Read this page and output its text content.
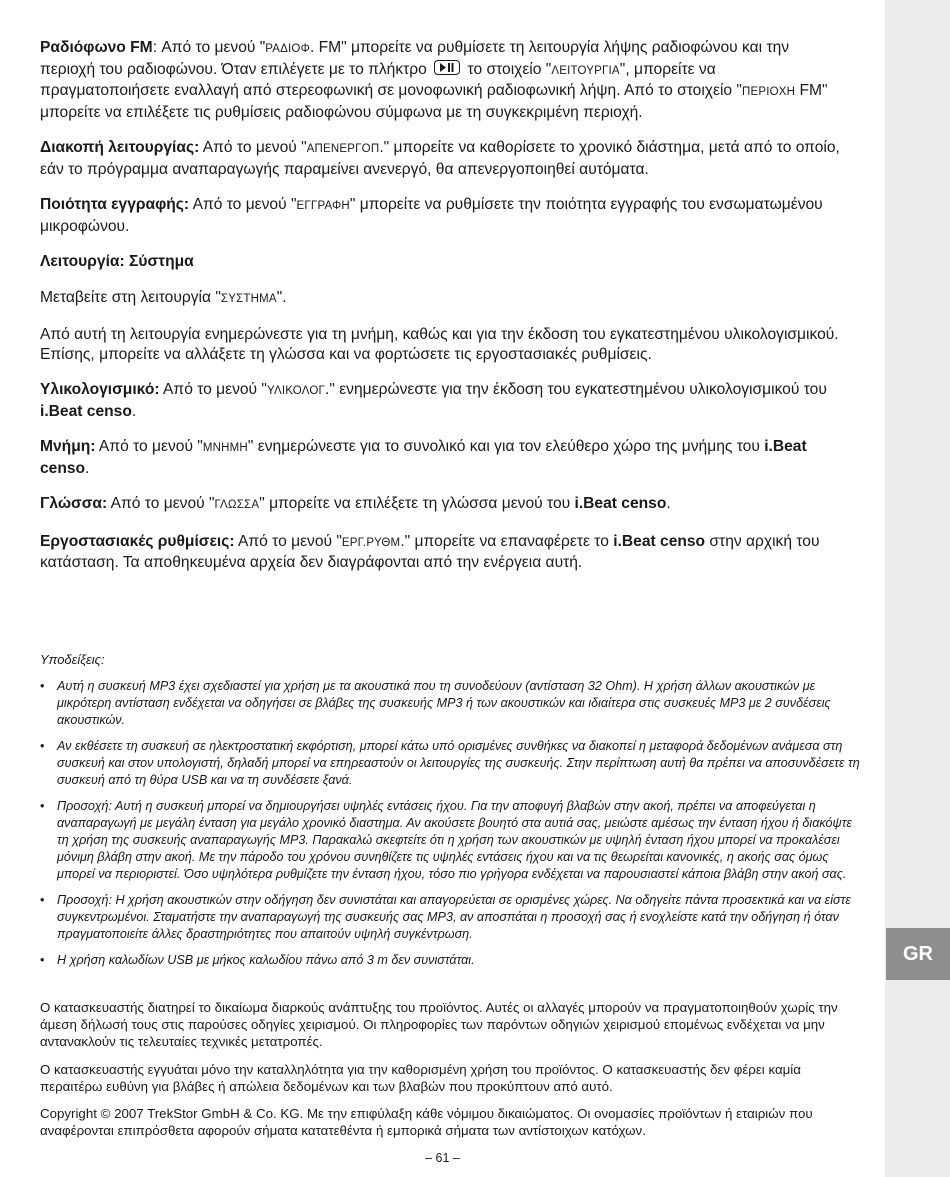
GR

Ραδιόφωνο FM: Από το μενού "ΡΑΔΙΟΦ. FM" μπορείτε να ρυθμίσετε τη λειτουργία λήψης ραδιοφώνου και την περιοχή του ραδιοφώνου. Όταν επιλέγετε με το πλήκτρο	το στοιχείο "ΛΕΙΤΟΥΡΓΙΑ", μπορείτε να πραγματοποιήσετε εναλλαγή από στερεοφωνική σε μονοφωνική ραδιοφωνική λήψη. Από το στοιχείο "ΠΕΡΙΟΧΗ FM" μπορείτε να επιλέξετε τις ρυθμίσεις ραδιοφώνου σύμφωνα με τη συγκεκριμένη περιοχή.

Διακοπή λειτουργίας: Από το μενού "ΑΠΕΝΕΡΓΟΠ." μπορείτε να καθορίσετε το χρονικό διάστημα, μετά από το οποίο, εάν το πρόγραμμα αναπαραγωγής παραμείνει ανενεργό, θα απενεργοποιηθεί αυτόματα.

Ποιότητα εγγραφής: Από το μενού "ΕΓΓΡΑΦΗ" μπορείτε να ρυθμίσετε την ποιότητα εγγραφής του ενσωματωμένου μικροφώνου.

Λειτουργία: Σύστημα

Μεταβείτε στη λειτουργία "ΣΥΣΤΗΜΑ".

Από αυτή τη λειτουργία ενημερώνεστε για τη μνήμη, καθώς και για την έκδοση του εγκατεστημένου υλικολογισμικού. Επίσης, μπορείτε να αλλάξετε τη γλώσσα και να φορτώσετε τις εργοστασιακές ρυθμίσεις.

Υλικολογισμικό: Από το μενού "ΥΛΙΚΟΛΟΓ." ενημερώνεστε για την έκδοση του εγκατεστημένου υλικολογισμικού του i.Beat censo.

Μνήμη: Από το μενού "ΜΝΗΜΗ" ενημερώνεστε για το συνολικό και για τον ελεύθερο χώρο της μνήμης του i.Beat censo.

Γλώσσα: Από το μενού "ΓΛΩΣΣΑ" μπορείτε να επιλέξετε τη γλώσσα μενού του i.Beat censo.

Εργοστασιακές ρυθμίσεις: Από το μενού "ΕΡΓ.ΡΥΘΜ." μπορείτε να επαναφέρετε το i.Beat censo στην αρχική του κατάσταση. Τα αποθηκευμένα αρχεία δεν διαγράφονται από την ενέργεια αυτή.

Υποδείξεις:
• Αυτή η συσκευή MP3 έχει σχεδιαστεί για χρήση με τα ακουστικά που τη συνοδεύουν (αντίσταση 32 Ohm). Η χρήση άλλων ακουστικών με μικρότερη αντίσταση ενδέχεται να οδηγήσει σε βλάβες της συσκευής MP3 ή των ακουστικών και ιδιαίτερα στις συσκευές MP3 με 2 συνδέσεις ακουστικών.
• Αν εκθέσετε τη συσκευή σε ηλεκτροστατική εκφόρτιση, μπορεί κάτω υπό ορισμένες συνθήκες να διακοπεί η μεταφορά δεδομένων ανάμεσα στη συσκευή και στον υπολογιστή, δηλαδή μπορεί να επηρεαστούν οι λειτουργίες της συσκευής. Στην περίπτωση αυτή θα πρέπει να αποσυνδέσετε τη συσκευή από τη θύρα USB και να τη συνδέσετε ξανά.
• Προσοχή: Αυτή η συσκευή μπορεί να δημιουργήσει υψηλές εντάσεις ήχου. Για την αποφυγή βλαβών στην ακοή, πρέπει να αποφεύγεται η αναπαραγωγή με μεγάλη ένταση για μεγάλο χρονικό διαστημα. Αν ακούσετε βουητό στα αυτιά σας, μειώστε αμέσως την ένταση ήχου ή διακόψτε τη χρήση της συσκευής αναπαραγωγής MP3. Παρακαλώ σκεφτείτε ότι η χρήση των ακουστικών με υψηλή ένταση ήχου μπορεί να προκαλέσει μόνιμη βλάβη στην ακοή. Με την πάροδο του χρόνου συνηθίζετε τις υψηλές εντάσεις ήχου και να τις θεωρείται κανονικές, η ακοής σας όμως μπορεί να περιοριστεί. Όσο υψηλότερα ρυθμίζετε την ένταση ήχου, τόσο πιο γρήγορα ενδέχεται να παρουσιαστεί κάποια βλάβη στην ακοή σας.
• Προσοχή: Η χρήση ακουστικών στην οδήγηση δεν συνιστάται και απαγορεύεται σε ορισμένες χώρες. Να οδηγείτε πάντα προσεκτικά και να είστε συγκεντρωμένοι. Σταματήστε την αναπαραγωγή της συσκευής σας MP3, αν αποσπάται η προσοχή σας ή ενοχλείστε κατά την οδήγηση ή όταν πραγματοποιείτε άλλες δραστηριότητες που απαιτούν υψηλή συγκέντρωση.
• Η χρήση καλωδίων USB με μήκος καλωδίου πάνω από 3 m δεν συνιστάται.

Ο κατασκευαστής διατηρεί το δικαίωμα διαρκούς ανάπτυξης του προϊόντος. Αυτές οι αλλαγές μπορούν να πραγματοποιηθούν χωρίς την άμεση δήλωσή τους στις παρούσες οδηγίες χειρισμού. Οι πληροφορίες των παρόντων οδηγιών χειρισμού επομένως ενδέχεται να μην αντανακλούν τις τελευταίες τεχνικές μετατροπές.

Ο κατασκευαστής εγγυάται μόνο την καταλληλότητα για την καθορισμένη χρήση του προϊόντος. Ο κατασκευαστής δεν φέρει καμία περαιτέρω ευθύνη για βλάβες ή απώλεια δεδομένων και των βλαβών που προκύπτουν από αυτό.

Copyright © 2007 TrekStor GmbH & Co. KG. Με την επιφύλαξη κάθε νόμιμου δικαιώματος. Οι ονομασίες προϊόντων ή εταιριών που αναφέρονται επιπρόσθετα αφορούν σήματα κατατεθέντα ή εμπορικά σήματα των αντίστοιχων κατόχων.

– 61 –
